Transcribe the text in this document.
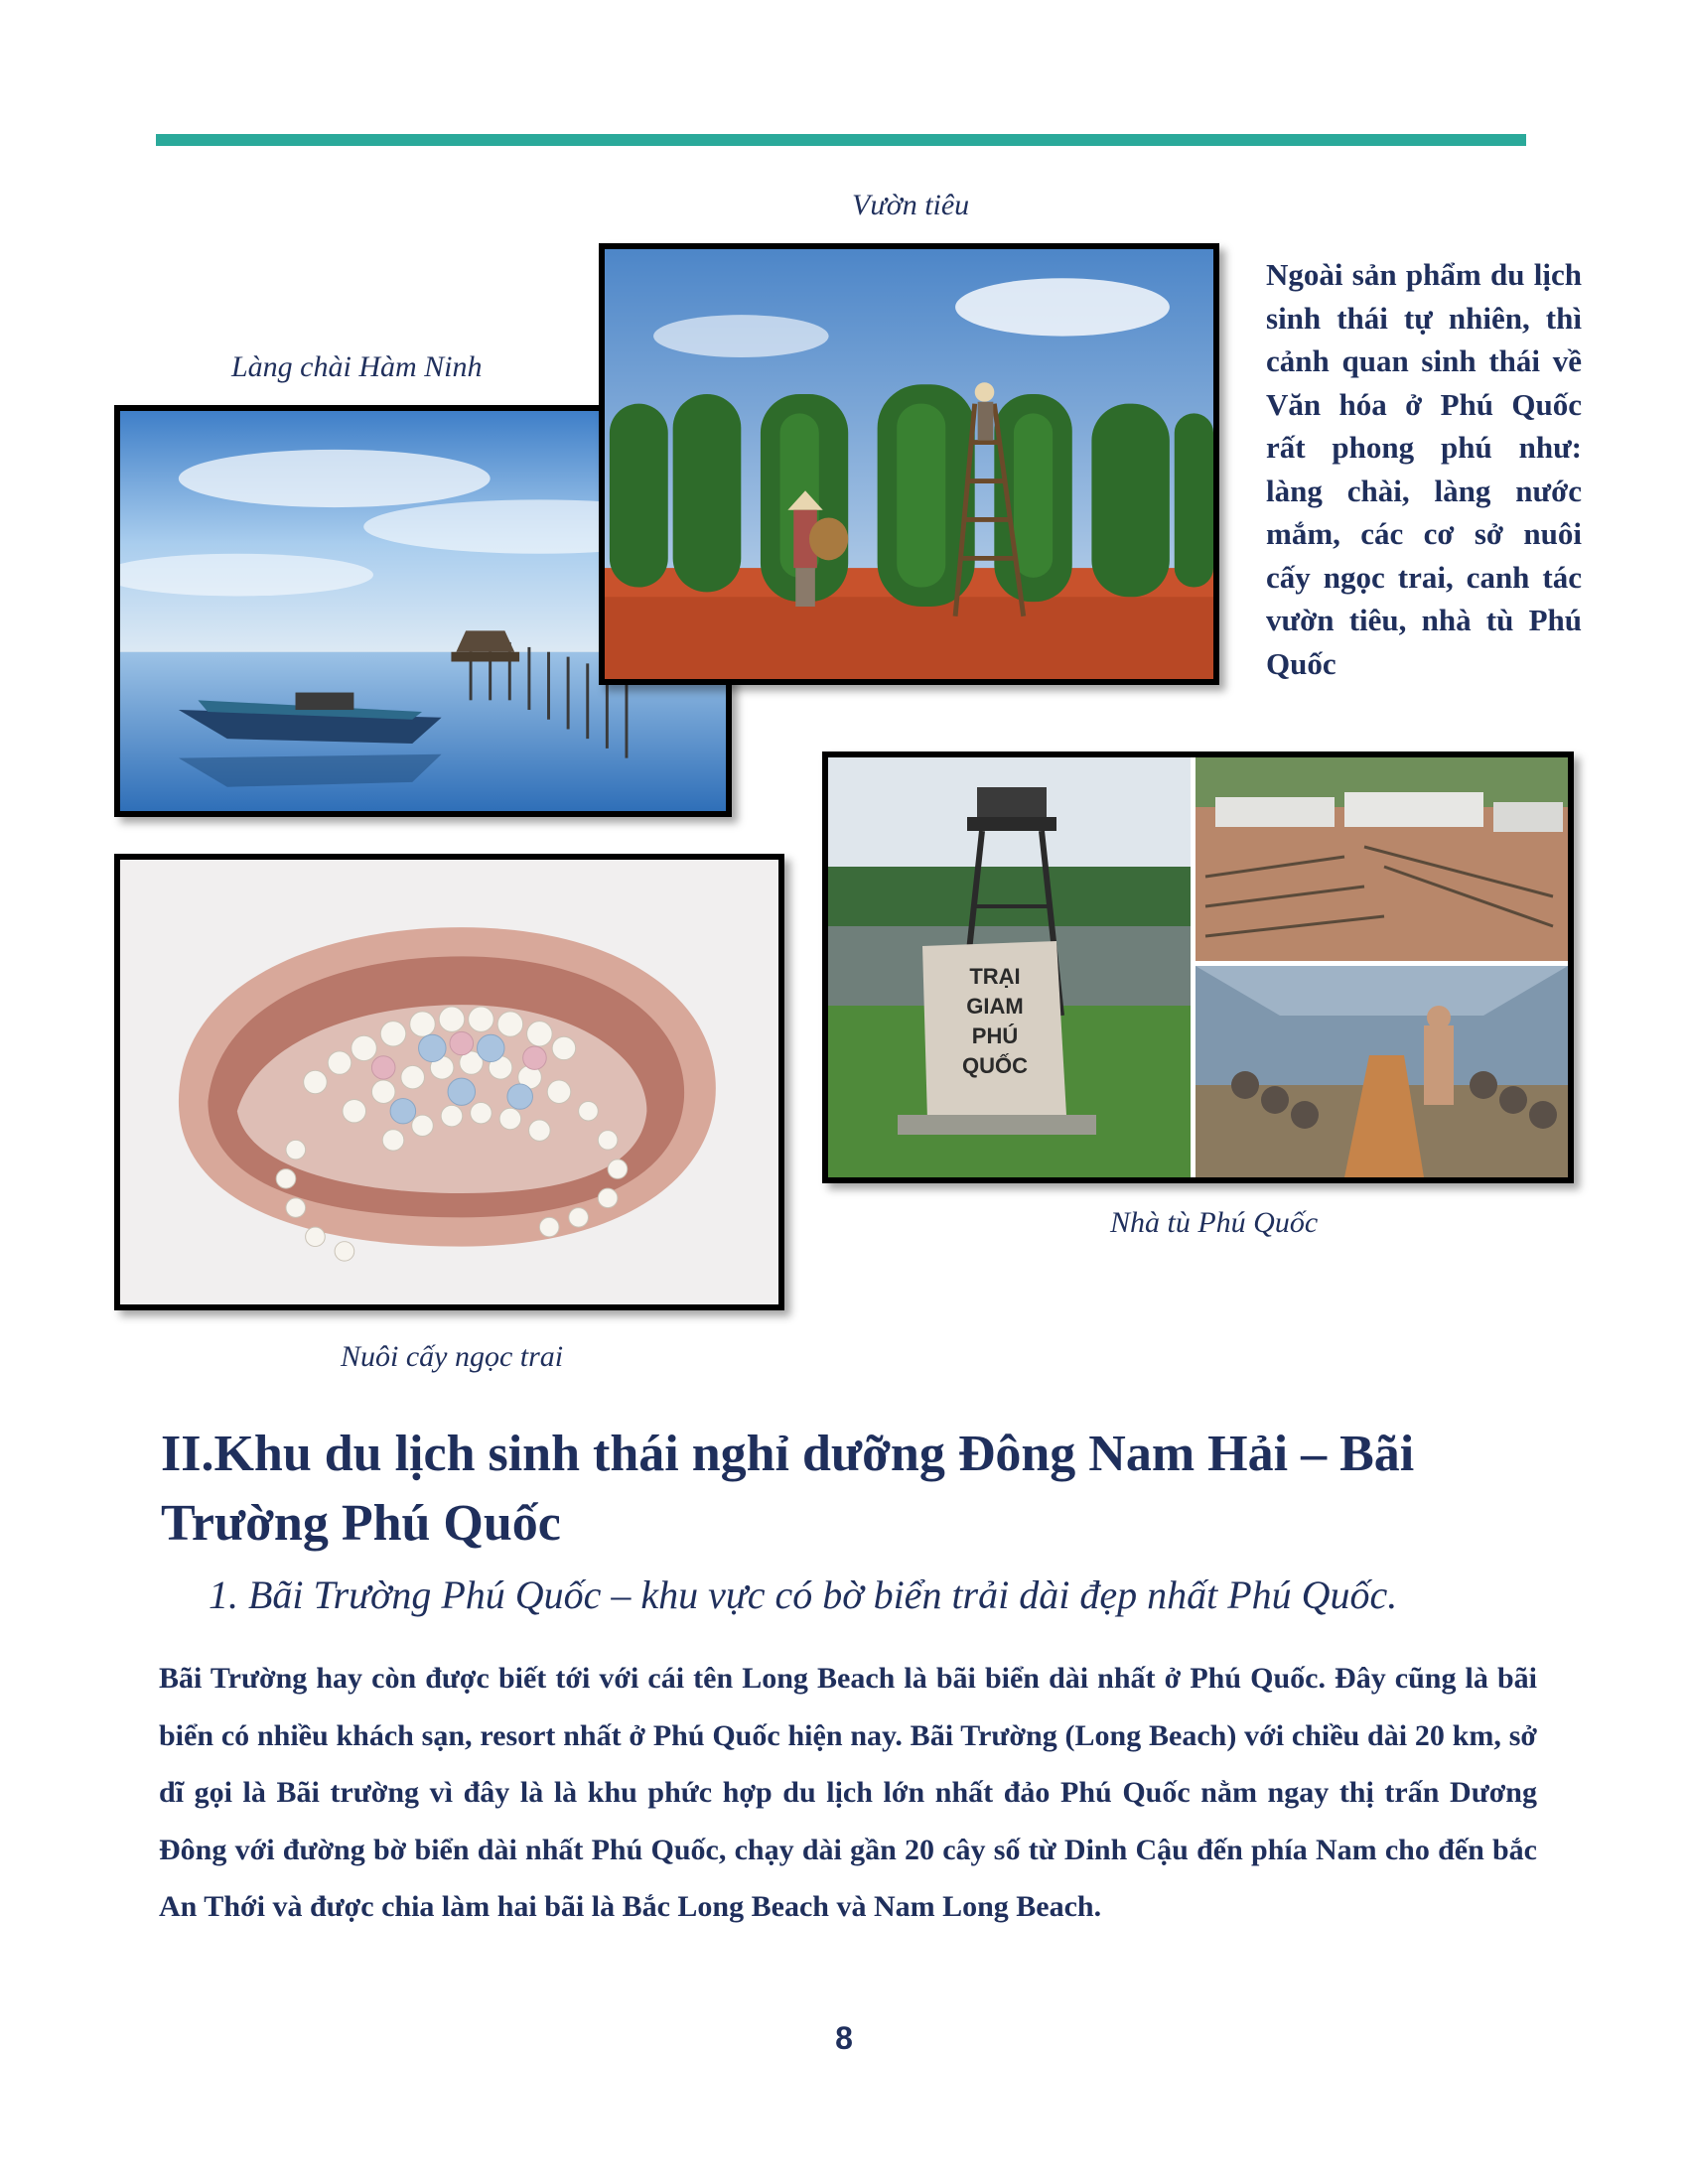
Vườn tiêu
Làng chài Hàm Ninh
Ngoài sản phẩm du lịch sinh thái tự nhiên, thì cảnh quan sinh thái về Văn hóa ở Phú Quốc rất phong phú như: làng chài, làng nước mắm, các cơ sở nuôi cấy ngọc trai, canh tác vườn tiêu, nhà tù Phú Quốc
TRẠI
GIAM
PHÚ
QUỐC
Nhà tù Phú Quốc
Nuôi cấy ngọc trai
II.Khu du lịch sinh thái nghỉ dưỡng Đông Nam Hải – Bãi Trường Phú Quốc
1. Bãi Trường Phú Quốc – khu vực có bờ biển trải dài đẹp nhất Phú Quốc.
Bãi Trường hay còn được biết tới với cái tên Long Beach là bãi biển dài nhất ở Phú Quốc. Đây cũng là bãi biển có nhiều khách sạn, resort nhất ở Phú Quốc hiện nay. Bãi Trường (Long Beach) với chiều dài 20 km, sở dĩ gọi là Bãi trường vì đây là là khu phức hợp du lịch lớn nhất đảo Phú Quốc nằm ngay thị trấn Dương Đông với đường bờ biển dài nhất Phú Quốc, chạy dài gần 20 cây số từ Dinh Cậu đến phía Nam cho đến bắc An Thới và được chia làm hai bãi là Bắc Long Beach và Nam Long Beach.
8
